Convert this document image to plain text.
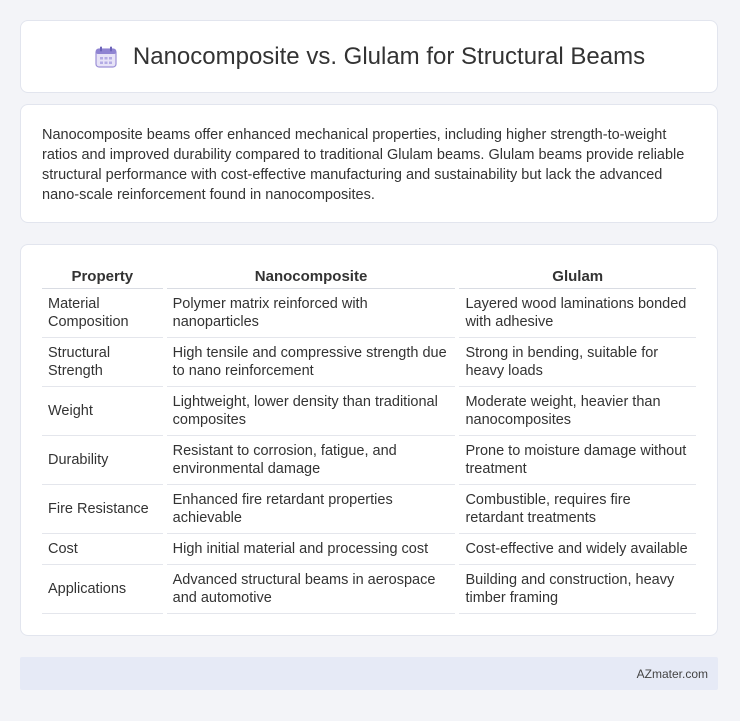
Nanocomposite vs. Glulam for Structural Beams

Nanocomposite beams offer enhanced mechanical properties, including higher strength-to-weight ratios and improved durability compared to traditional Glulam beams. Glulam beams provide reliable structural performance with cost-effective manufacturing and sustainability but lack the advanced nano-scale reinforcement found in nanocomposites.

Property	Nanocomposite	Glulam
Material Composition	Polymer matrix reinforced with nanoparticles	Layered wood laminations bonded with adhesive
Structural Strength	High tensile and compressive strength due to nano reinforcement	Strong in bending, suitable for heavy loads
Weight	Lightweight, lower density than traditional composites	Moderate weight, heavier than nanocomposites
Durability	Resistant to corrosion, fatigue, and environmental damage	Prone to moisture damage without treatment
Fire Resistance	Enhanced fire retardant properties achievable	Combustible, requires fire retardant treatments
Cost	High initial material and processing cost	Cost-effective and widely available
Applications	Advanced structural beams in aerospace and automotive	Building and construction, heavy timber framing
AZmater.com
